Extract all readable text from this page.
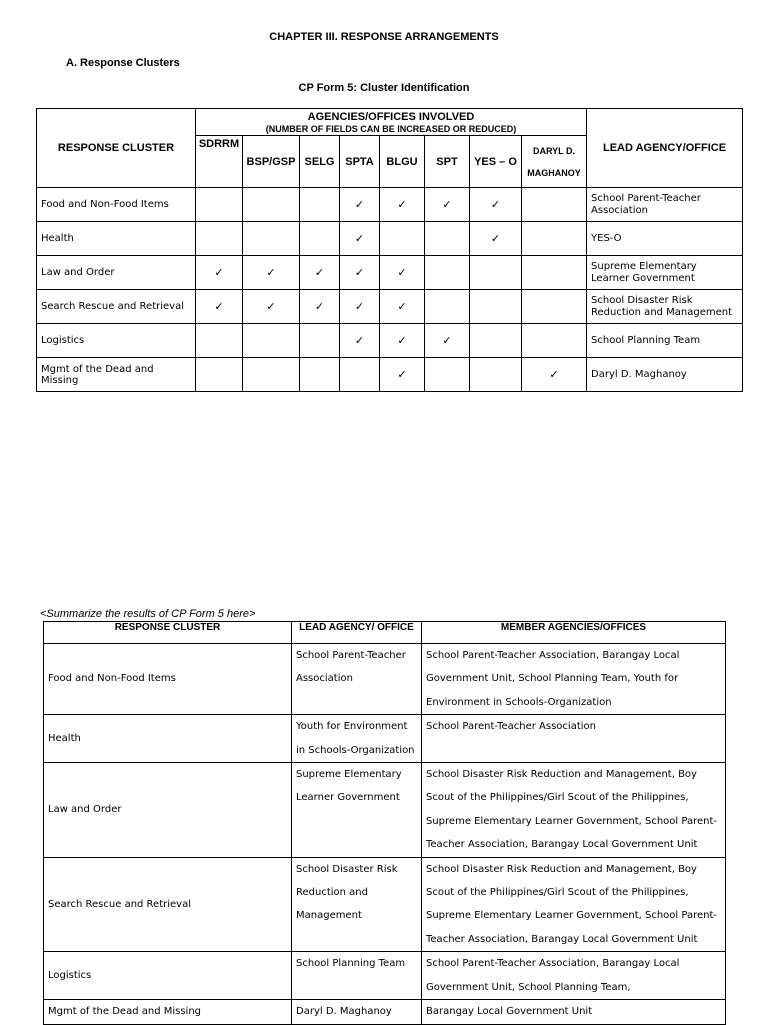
CHAPTER III. RESPONSE ARRANGEMENTS
A. Response Clusters
CP Form 5: Cluster Identification
RESPONSE CLUSTER	AGENCIES/OFFICES INVOLVED
(NUMBER OF FIELDS CAN BE INCREASED OR REDUCED)								LEAD AGENCY/OFFICE
	SDRRM	BSP/GSP	SELG	SPTA	BLGU	SPT	YES – O	DARYL D. MAGHANOY	
Food and Non-Food Items				✓	✓	✓	✓		School Parent-Teacher Association
Health				✓			✓		YES-O
Law and Order	✓	✓	✓	✓	✓				Supreme Elementary Learner Government
Search Rescue and Retrieval	✓	✓	✓	✓	✓				School Disaster Risk Reduction and Management
Logistics				✓	✓	✓			School Planning Team
Mgmt of the Dead and Missing					✓			✓	Daryl D. Maghanoy
<Summarize the results of CP Form 5 here>
RESPONSE CLUSTER	LEAD AGENCY/ OFFICE	MEMBER AGENCIES/OFFICES
Food and Non-Food Items	School Parent-Teacher Association	School Parent-Teacher Association, Barangay Local Government Unit, School Planning Team, Youth for Environment in Schools-Organization
Health	Youth for Environment in Schools-Organization	School Parent-Teacher Association
Law and Order	Supreme Elementary Learner Government	School Disaster Risk Reduction and Management, Boy Scout of the Philippines/Girl Scout of the Philippines, Supreme Elementary Learner Government, School Parent-Teacher Association, Barangay Local Government Unit
Search Rescue and Retrieval	School Disaster Risk Reduction and Management	School Disaster Risk Reduction and Management, Boy Scout of the Philippines/Girl Scout of the Philippines, Supreme Elementary Learner Government, School Parent-Teacher Association, Barangay Local Government Unit
Logistics	School Planning Team	School Parent-Teacher Association, Barangay Local Government Unit, School Planning Team,
Mgmt of the Dead and Missing	Daryl D. Maghanoy	Barangay Local Government Unit
